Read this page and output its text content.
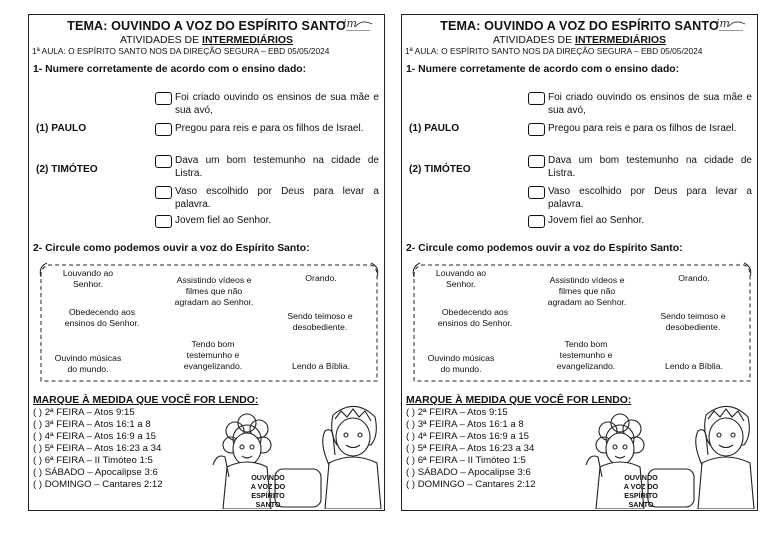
TEMA: OUVINDO A VOZ DO ESPÍRITO SANTO
im
ATIVIDADES DE INTERMEDIÁRIOS
1ª AULA: O ESPÍRITO SANTO NOS DA DIREÇÃO SEGURA – EBD 05/05/2024
1- Numere corretamente de acordo com o ensino dado:
(1) PAULO
(2) TIMÓTEO
Foi criado ouvindo os ensinos de sua mãe e sua avó,
Pregou para reis e para os filhos de Israel.
Dava um bom testemunho na cidade de Listra.
Vaso escolhido por Deus para levar a palavra.
Jovem fiel ao Senhor.
2- Circule como podemos ouvir a voz do Espírito Santo:
Louvando ao Senhor.	Assistindo vídeos e filmes que não agradam ao Senhor.
Orando.
Obedecendo aos ensinos do Senhor.
Sendo teimoso e desobediente.
Tendo bom testemunho e evangelizando.
Ouvindo músicas do mundo.	Lendo a Bíblia.
MARQUE À MEDIDA QUE VOCÊ FOR LENDO:
( ) 2ª FEIRA – Atos 9:15
( ) 3ª FEIRA – Atos 16:1 a 8
( ) 4ª FEIRA – Atos 16:9 a 15
( ) 5ª FEIRA – Atos 16:23 a 34
( ) 6ª FEIRA – II Timóteo 1:5
( ) SÁBADO – Apocalipse 3:6
( ) DOMINGO – Cantares 2:12
OUVINDO
A VOZ DO
ESPÍRITO
SANTO
TEMA: OUVINDO A VOZ DO ESPÍRITO SANTO
im
ATIVIDADES DE INTERMEDIÁRIOS
1ª AULA: O ESPÍRITO SANTO NOS DA DIREÇÃO SEGURA – EBD 05/05/2024
1- Numere corretamente de acordo com o ensino dado:
(1) PAULO
(2) TIMÓTEO
Foi criado ouvindo os ensinos de sua mãe e sua avó,
Pregou para reis e para os filhos de Israel.
Dava um bom testemunho na cidade de Listra.
Vaso escolhido por Deus para levar a palavra.
Jovem fiel ao Senhor.
2- Circule como podemos ouvir a voz do Espírito Santo:
Louvando ao Senhor.	Assistindo vídeos e filmes que não agradam ao Senhor.
Orando.
Obedecendo aos ensinos do Senhor.
Sendo teimoso e desobediente.
Tendo bom testemunho e evangelizando.
Ouvindo músicas do mundo.	Lendo a Bíblia.
MARQUE À MEDIDA QUE VOCÊ FOR LENDO:
( ) 2ª FEIRA – Atos 9:15
( ) 3ª FEIRA – Atos 16:1 a 8
( ) 4ª FEIRA – Atos 16:9 a 15
( ) 5ª FEIRA – Atos 16:23 a 34
( ) 6ª FEIRA – II Timóteo 1:5
( ) SÁBADO – Apocalipse 3:6
( ) DOMINGO – Cantares 2:12
OUVINDO
A VOZ DO
ESPÍRITO
SANTO
